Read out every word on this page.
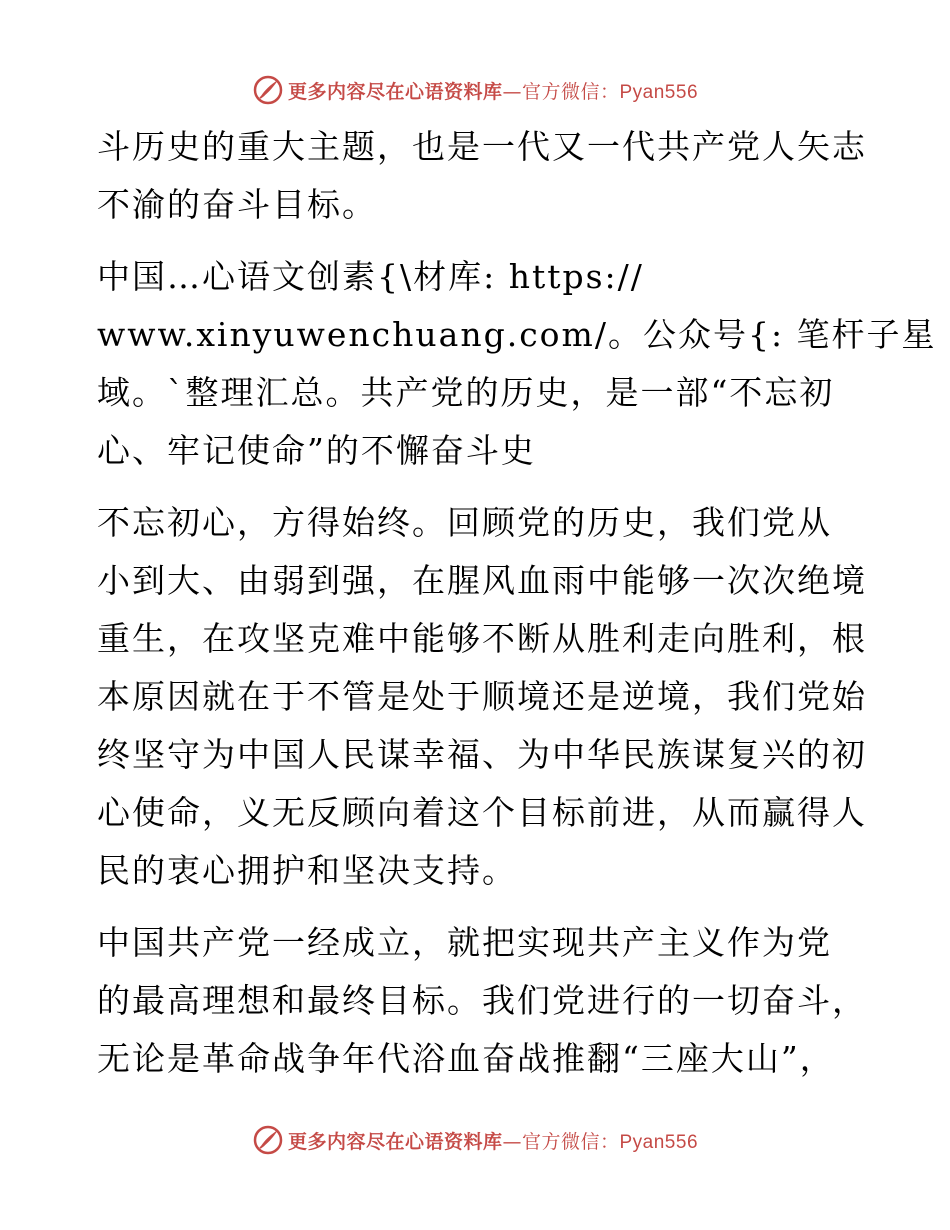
更多内容尽在心语资料库—官方微信：Pyan556

斗历史的重大主题，也是一代又一代共产党人矢志
不渝的奋斗目标。

中国…心语文创素{\材库: https://
www.xinyuwenchuang.com/。公众号{: 笔杆子星
域。`整理汇总。共产党的历史，是一部“不忘初
心、牢记使命”的不懈奋斗史

不忘初心，方得始终。回顾党的历史，我们党从
小到大、由弱到强，在腥风血雨中能够一次次绝境
重生，在攻坚克难中能够不断从胜利走向胜利，根
本原因就在于不管是处于顺境还是逆境，我们党始
终坚守为中国人民谋幸福、为中华民族谋复兴的初
心使命，义无反顾向着这个目标前进，从而赢得人
民的衷心拥护和坚决支持。

中国共产党一经成立，就把实现共产主义作为党
的最高理想和最终目标。我们党进行的一切奋斗，
无论是革命战争年代浴血奋战推翻“三座大山”，

更多内容尽在心语资料库—官方微信：Pyan556
